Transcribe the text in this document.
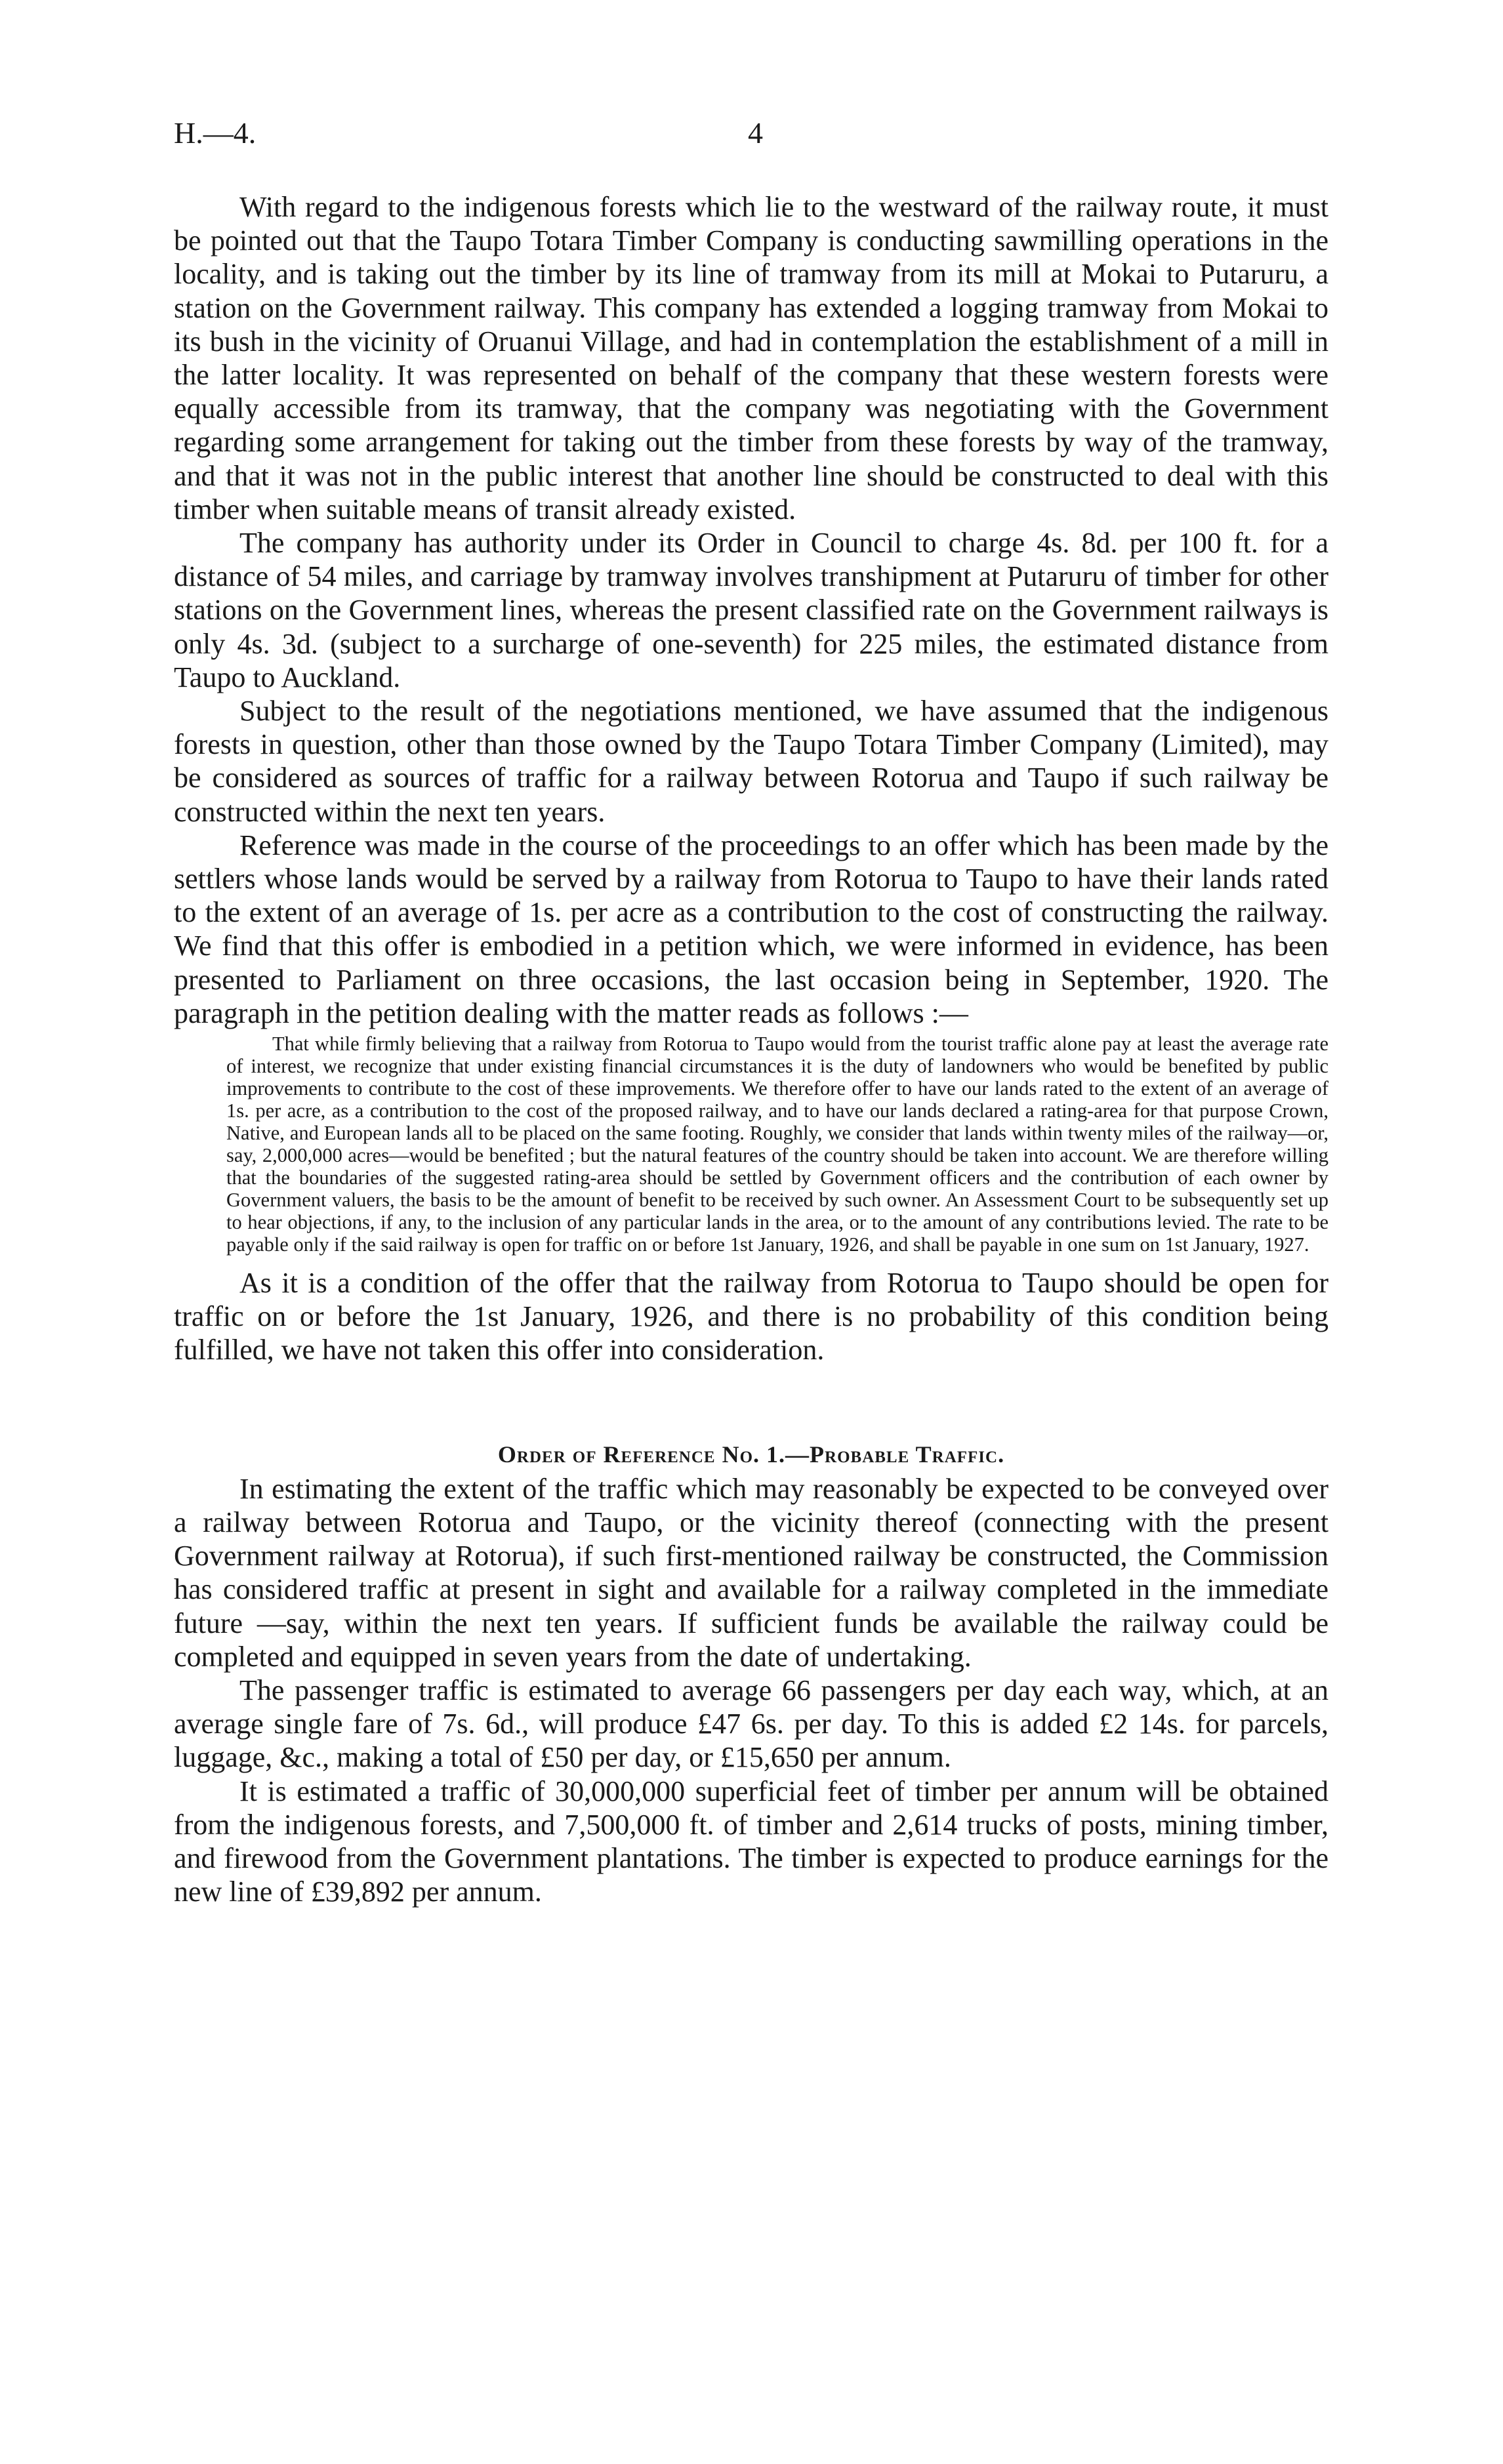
H.—4.	4

With regard to the indigenous forests which lie to the westward of the railway route, it must be pointed out that the Taupo Totara Timber Company is conducting sawmilling operations in the locality, and is taking out the timber by its line of tramway from its mill at Mokai to Putaruru, a station on the Government railway. This company has extended a logging tramway from Mokai to its bush in the vicinity of Oruanui Village, and had in contemplation the establishment of a mill in the latter locality. It was represented on behalf of the company that these western forests were equally accessible from its tramway, that the company was negotiating with the Government regarding some arrangement for taking out the timber from these forests by way of the tramway, and that it was not in the public interest that another line should be constructed to deal with this timber when suitable means of transit already existed.

The company has authority under its Order in Council to charge 4s. 8d. per 100 ft. for a distance of 54 miles, and carriage by tramway involves transhipment at Putaruru of timber for other stations on the Government lines, whereas the present classified rate on the Government railways is only 4s. 3d. (subject to a surcharge of one-seventh) for 225 miles, the estimated distance from Taupo to Auckland.

Subject to the result of the negotiations mentioned, we have assumed that the indigenous forests in question, other than those owned by the Taupo Totara Timber Company (Limited), may be considered as sources of traffic for a railway between Rotorua and Taupo if such railway be constructed within the next ten years.

Reference was made in the course of the proceedings to an offer which has been made by the settlers whose lands would be served by a railway from Rotorua to Taupo to have their lands rated to the extent of an average of 1s. per acre as a contribution to the cost of constructing the railway. We find that this offer is embodied in a petition which, we were informed in evidence, has been presented to Parliament on three occasions, the last occasion being in September, 1920. The paragraph in the petition dealing with the matter reads as follows :—

That while firmly believing that a railway from Rotorua to Taupo would from the tourist traffic alone pay at least the average rate of interest, we recognize that under existing financial circumstances it is the duty of landowners who would be benefited by public improvements to contribute to the cost of these improvements. We therefore offer to have our lands rated to the extent of an average of 1s. per acre, as a contribution to the cost of the proposed railway, and to have our lands declared a rating-area for that purpose Crown, Native, and European lands all to be placed on the same footing. Roughly, we consider that lands within twenty miles of the railway—or, say, 2,000,000 acres—would be benefited ; but the natural features of the country should be taken into account. We are therefore willing that the boundaries of the suggested rating-area should be settled by Government officers and the contribution of each owner by Government valuers, the basis to be the amount of benefit to be received by such owner. An Assessment Court to be subsequently set up to hear objections, if any, to the inclusion of any particular lands in the area, or to the amount of any contributions levied. The rate to be payable only if the said railway is open for traffic on or before 1st January, 1926, and shall be payable in one sum on 1st January, 1927.

As it is a condition of the offer that the railway from Rotorua to Taupo should be open for traffic on or before the 1st January, 1926, and there is no probability of this condition being fulfilled, we have not taken this offer into consideration.

Order of Reference No. 1.—Probable Traffic.

In estimating the extent of the traffic which may reasonably be expected to be conveyed over a railway between Rotorua and Taupo, or the vicinity thereof (connecting with the present Government railway at Rotorua), if such first-mentioned railway be constructed, the Commission has considered traffic at present in sight and available for a railway completed in the immediate future —say, within the next ten years. If sufficient funds be available the railway could be completed and equipped in seven years from the date of undertaking.

The passenger traffic is estimated to average 66 passengers per day each way, which, at an average single fare of 7s. 6d., will produce £47 6s. per day. To this is added £2 14s. for parcels, luggage, &c., making a total of £50 per day, or £15,650 per annum.

It is estimated a traffic of 30,000,000 superficial feet of timber per annum will be obtained from the indigenous forests, and 7,500,000 ft. of timber and 2,614 trucks of posts, mining timber, and firewood from the Government plantations. The timber is expected to produce earnings for the new line of £39,892 per annum.
